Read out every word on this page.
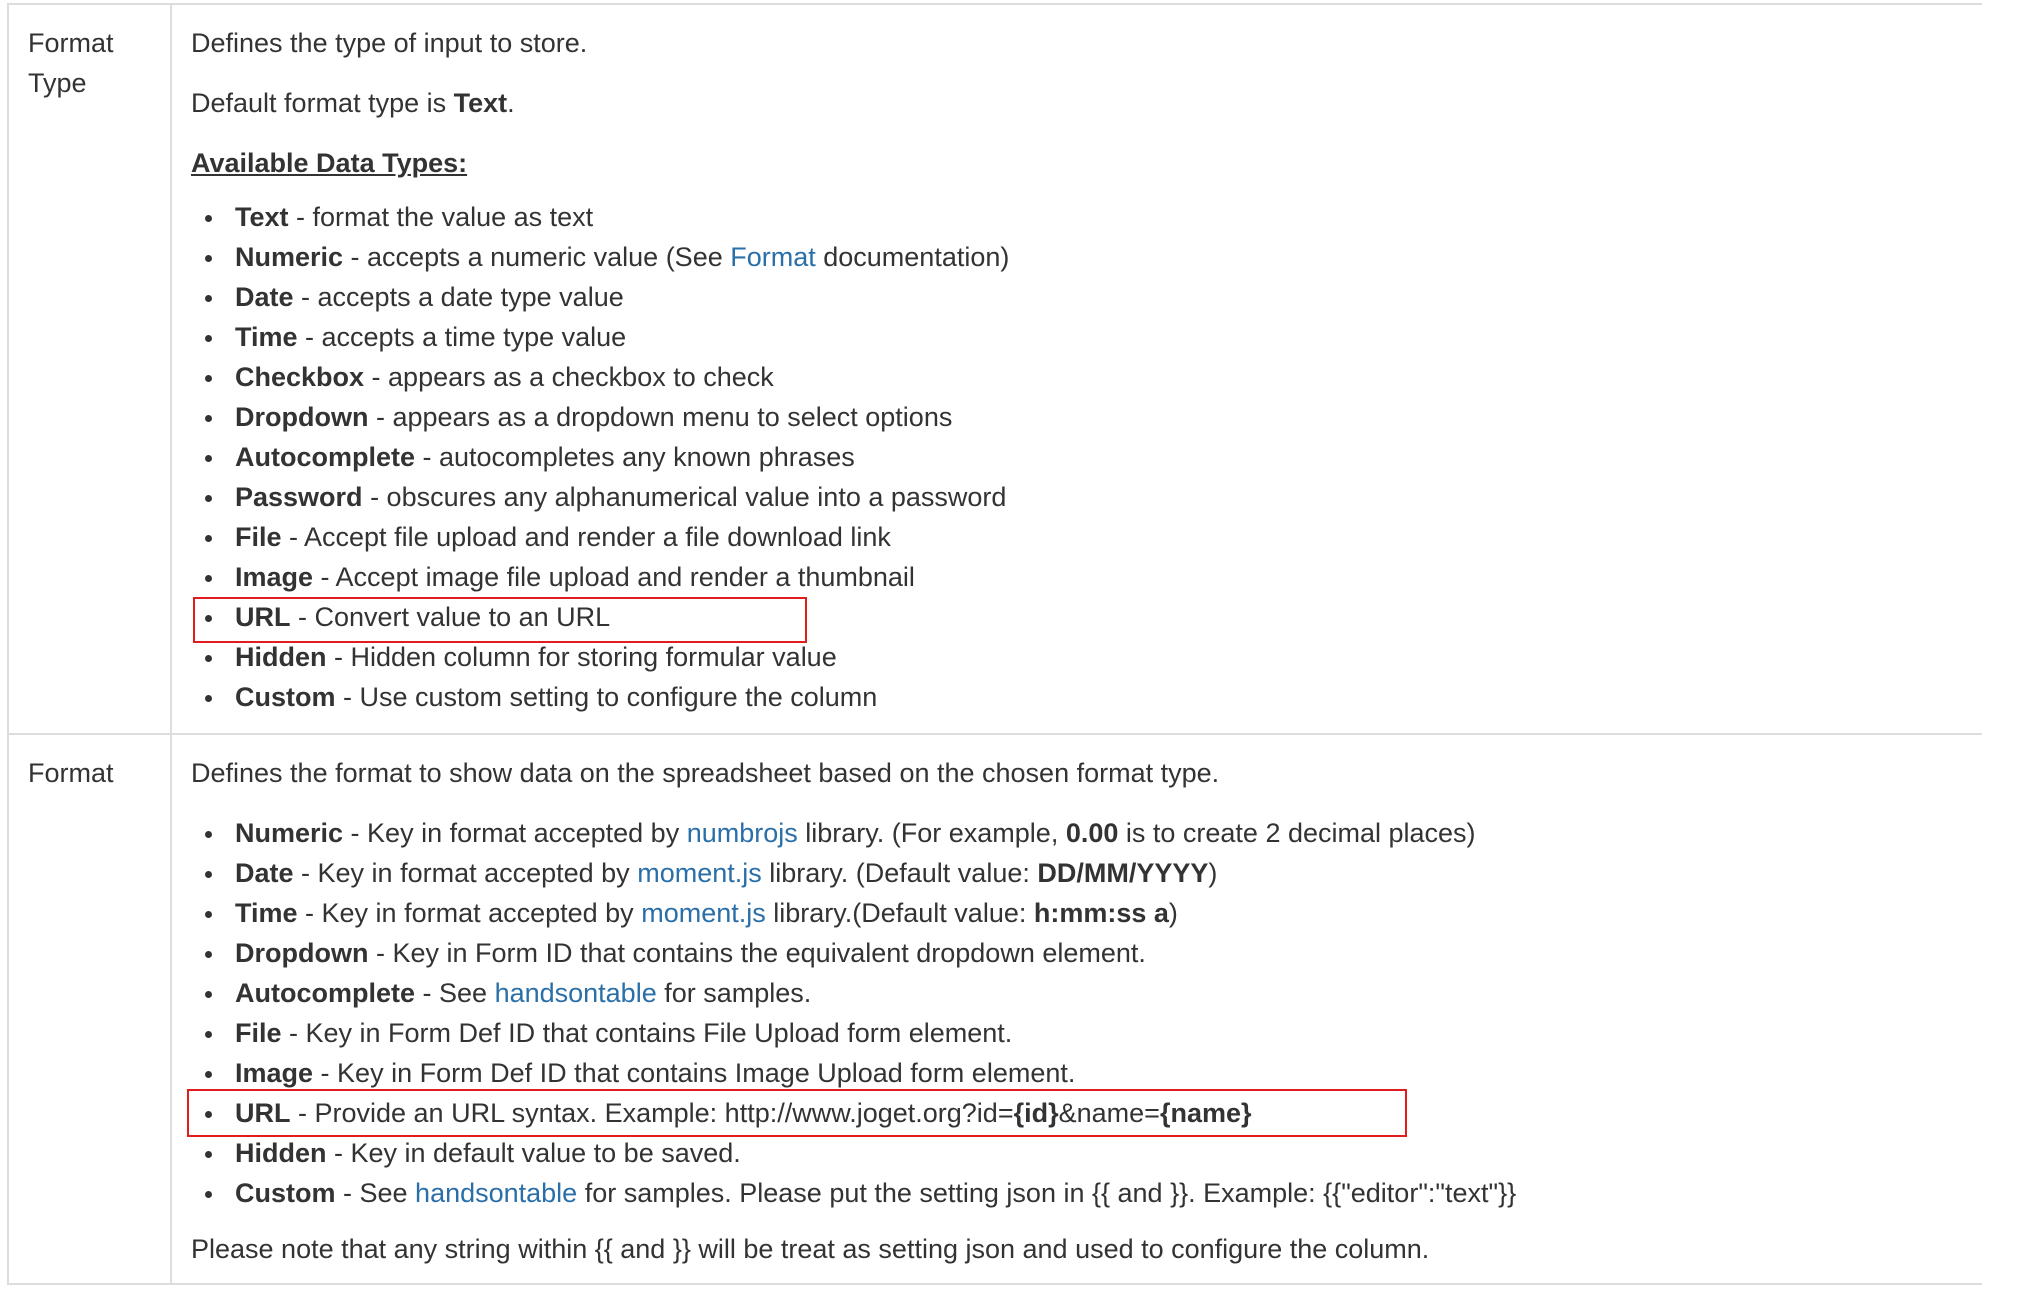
Format Type

Defines the type of input to store.

Default format type is Text.

Available Data Types:

Text - format the value as text
Numeric - accepts a numeric value (See Format documentation)
Date - accepts a date type value
Time - accepts a time type value
Checkbox - appears as a checkbox to check
Dropdown - appears as a dropdown menu to select options
Autocomplete - autocompletes any known phrases
Password - obscures any alphanumerical value into a password
File - Accept file upload and render a file download link
Image - Accept image file upload and render a thumbnail
URL - Convert value to an URL
Hidden - Hidden column for storing formular value
Custom - Use custom setting to configure the column
Format	Defines the format to show data on the spreadsheet based on the chosen format type.

Numeric - Key in format accepted by numbrojs library. (For example, 0.00 is to create 2 decimal places)
Date - Key in format accepted by moment.js library. (Default value: DD/MM/YYYY)
Time - Key in format accepted by moment.js library.(Default value: h:mm:ss a)
Dropdown - Key in Form ID that contains the equivalent dropdown element.
Autocomplete - See handsontable for samples.
File - Key in Form Def ID that contains File Upload form element.
Image - Key in Form Def ID that contains Image Upload form element.
URL - Provide an URL syntax. Example: http://www.joget.org?id={id}&name={name}
Hidden - Key in default value to be saved.
Custom - See handsontable for samples. Please put the setting json in {{ and }}. Example: {{"editor":"text"}}

Please note that any string within {{ and }} will be treat as setting json and used to configure the column.
